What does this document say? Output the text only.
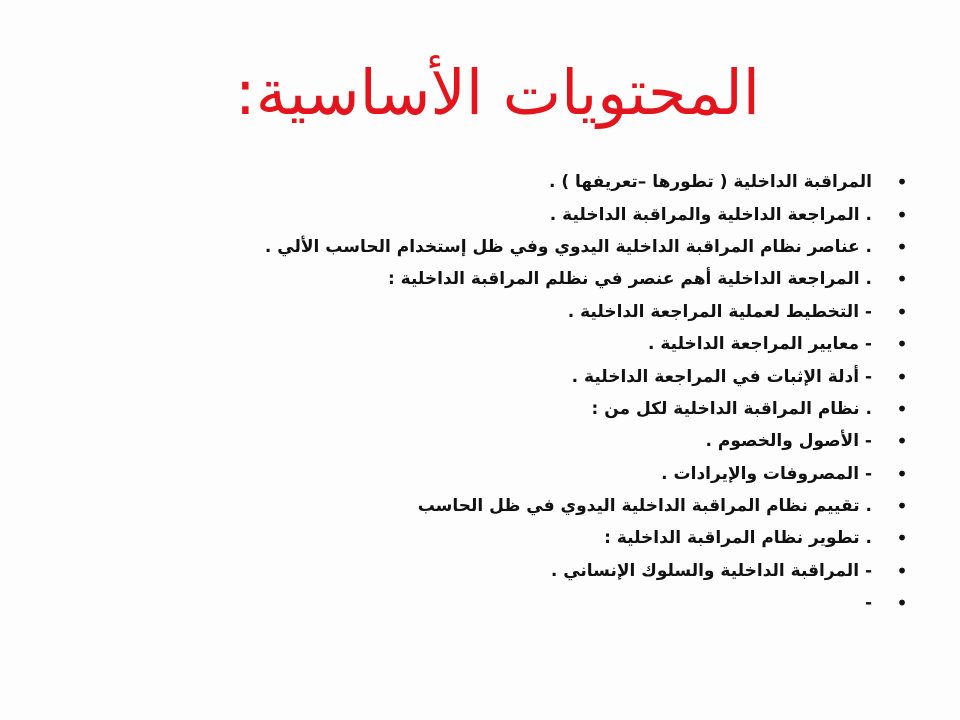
المحتويات الأساسية:
•
المراقبة الداخلية ( تطورها –تعريفها ) .
•
. المراجعة الداخلية والمراقبة الداخلية .
•
. عناصر نظام المراقبة الداخلية اليدوي وفي ظل إستخدام الحاسب الألي .
•
. المراجعة الداخلية أهم عنصر في نظلم المراقبة الداخلية :
•
- التخطيط لعملية المراجعة الداخلية .
•
- معايير المراجعة الداخلية .
•
- أدلة الإثبات في المراجعة الداخلية .
•
. نظام المراقبة الداخلية لكل من :
•
- الأصول والخصوم .
•
- المصروفات والإيرادات .
•
. تقييم نظام المراقبة الداخلية اليدوي في ظل الحاسب
•
. تطوير نظام المراقبة الداخلية :
•
- المراقبة الداخلية والسلوك الإنساني .
•
-
